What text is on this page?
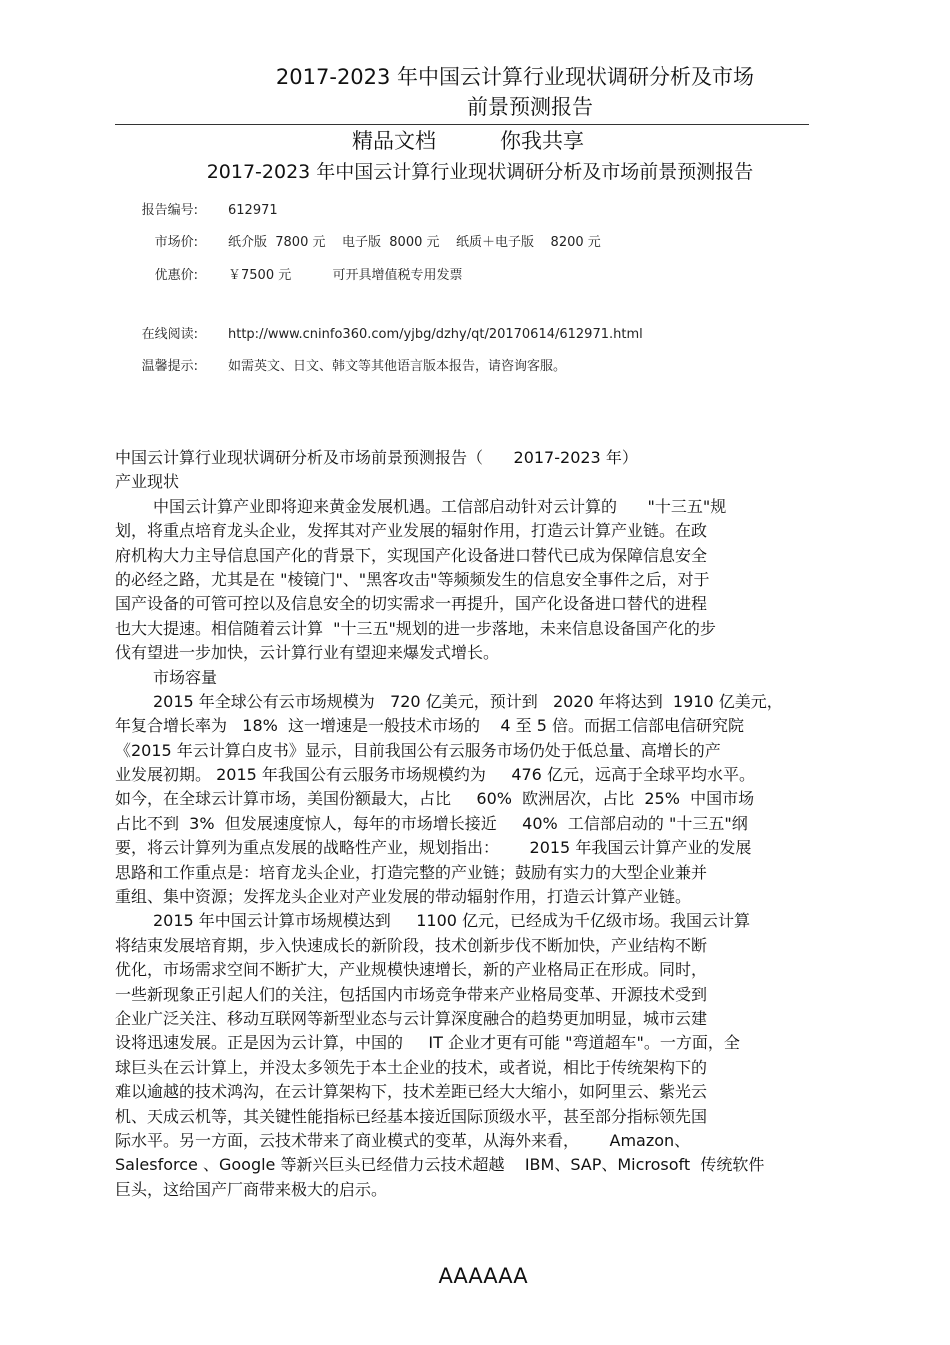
2017-2023 年中国云计算行业现状调研分析及市场
前景预测报告
精品文档	你我共享
2017-2023 年中国云计算行业现状调研分析及市场前景预测报告
报告编号: 612971
市场价: 纸介版  7800 元    电子版  8000 元    纸质＋电子版    8200 元
优惠价: ￥7500 元          可开具增值税专用发票
在线阅读: http://www.cninfo360.com/yjbg/dzhy/qt/20170614/612971.html
温馨提示: 如需英文、日文、韩文等其他语言版本报告，请咨询客服。
中国云计算行业现状调研分析及市场前景预测报告（      2017-2023 年）
产业现状
中国云计算产业即将迎来黄金发展机遇。工信部启动针对云计算的      "十三五"规
划，将重点培育龙头企业，发挥其对产业发展的辐射作用，打造云计算产业链。在政
府机构大力主导信息国产化的背景下，实现国产化设备进口替代已成为保障信息安全
的必经之路，尤其是在 "棱镜门"、"黑客攻击"等频频发生的信息安全事件之后，对于
国产设备的可管可控以及信息安全的切实需求一再提升，国产化设备进口替代的进程
也大大提速。相信随着云计算  "十三五"规划的进一步落地，未来信息设备国产化的步
伐有望进一步加快，云计算行业有望迎来爆发式增长。
市场容量
2015 年全球公有云市场规模为   720 亿美元，预计到   2020 年将达到  1910 亿美元，
年复合增长率为   18%  这一增速是一般技术市场的    4 至 5 倍。而据工信部电信研究院
《2015 年云计算白皮书》显示，目前我国公有云服务市场仍处于低总量、高增长的产
业发展初期。 2015 年我国公有云服务市场规模约为     476 亿元，远高于全球平均水平。
如今，在全球云计算市场，美国份额最大，占比     60%  欧洲居次，占比  25%  中国市场
占比不到  3%  但发展速度惊人，每年的市场增长接近     40%  工信部启动的 "十三五"纲
要，将云计算列为重点发展的战略性产业，规划指出：      2015 年我国云计算产业的发展
思路和工作重点是：培育龙头企业，打造完整的产业链；鼓励有实力的大型企业兼并
重组、集中资源；发挥龙头企业对产业发展的带动辐射作用，打造云计算产业链。
2015 年中国云计算市场规模达到     1100 亿元，已经成为千亿级市场。我国云计算
将结束发展培育期，步入快速成长的新阶段，技术创新步伐不断加快，产业结构不断
优化，市场需求空间不断扩大，产业规模快速增长，新的产业格局正在形成。同时，
一些新现象正引起人们的关注，包括国内市场竞争带来产业格局变革、开源技术受到
企业广泛关注、移动互联网等新型业态与云计算深度融合的趋势更加明显，城市云建
设将迅速发展。正是因为云计算，中国的     IT 企业才更有可能 "弯道超车"。一方面，全
球巨头在云计算上，并没太多领先于本土企业的技术，或者说，相比于传统架构下的
难以逾越的技术鸿沟，在云计算架构下，技术差距已经大大缩小，如阿里云、紫光云
机、天成云机等，其关键性能指标已经基本接近国际顶级水平，甚至部分指标领先国
际水平。另一方面，云技术带来了商业模式的变革，从海外来看，      Amazon、
Salesforce 、Google 等新兴巨头已经借力云技术超越    IBM、SAP、Microsoft  传统软件
巨头，这给国产厂商带来极大的启示。
AAAAAA
